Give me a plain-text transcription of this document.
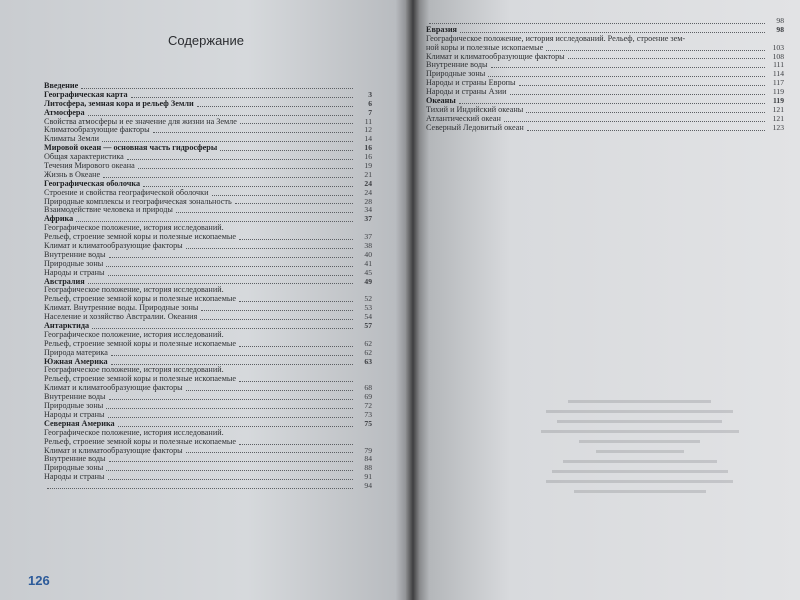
Содержание
Введение
Географическая карта	3
Литосфера, земная кора и рельеф Земли	6
Атмосфера	7
Свойства атмосферы и ее значение для жизни на Земле	11
Климатообразующие факторы	12
Климаты Земли	14
Мировой океан — основная часть гидросферы	16
Общая характеристика	16
Течения Мирового океана	19
Жизнь в Океане	21
Географическая оболочка	24
Строение и свойства географической оболочки	24
Природные комплексы и географическая зональность	28
Взаимодействие человека и природы	34
Африка	37
Географическое положение, история исследований.
Рельеф, строение земной коры и полезные ископаемые	37
Климат и климатообразующие факторы	38
Внутренние воды	40
Природные зоны	41
Народы и страны	45
Австралия	49
Географическое положение, история исследований.
Рельеф, строение земной коры и полезные ископаемые	52
Климат. Внутренние воды. Природные зоны	53
Население и хозяйство Австралии. Океания	54
Антарктида	57
Географическое положение, история исследований.
Рельеф, строение земной коры и полезные ископаемые	62
Природа материка	62
Южная Америка	63
Географическое положение, история исследований.
Рельеф, строение земной коры и полезные ископаемые
Климат и климатообразующие факторы	68
Внутренние воды	69
Природные зоны	72
Народы и страны	73
Северная Америка	75
Географическое положение, история исследований.
Рельеф, строение земной коры и полезные ископаемые
Климат и климатообразующие факторы	79
Внутренние воды	84
Природные зоны	88
Народы и страны	91
94
126
98
Евразия	98
Географическое положение, история исследований. Рельеф, строение зем-
ной коры и полезные ископаемые	103
Климат и климатообразующие факторы	108
Внутренние воды	111
Природные зоны	114
Народы и страны Европы	117
Народы и страны Азии	119
Океаны	119
Тихий и Индийский океаны	121
Атлантический океан	121
Северный Ледовитый океан	123
